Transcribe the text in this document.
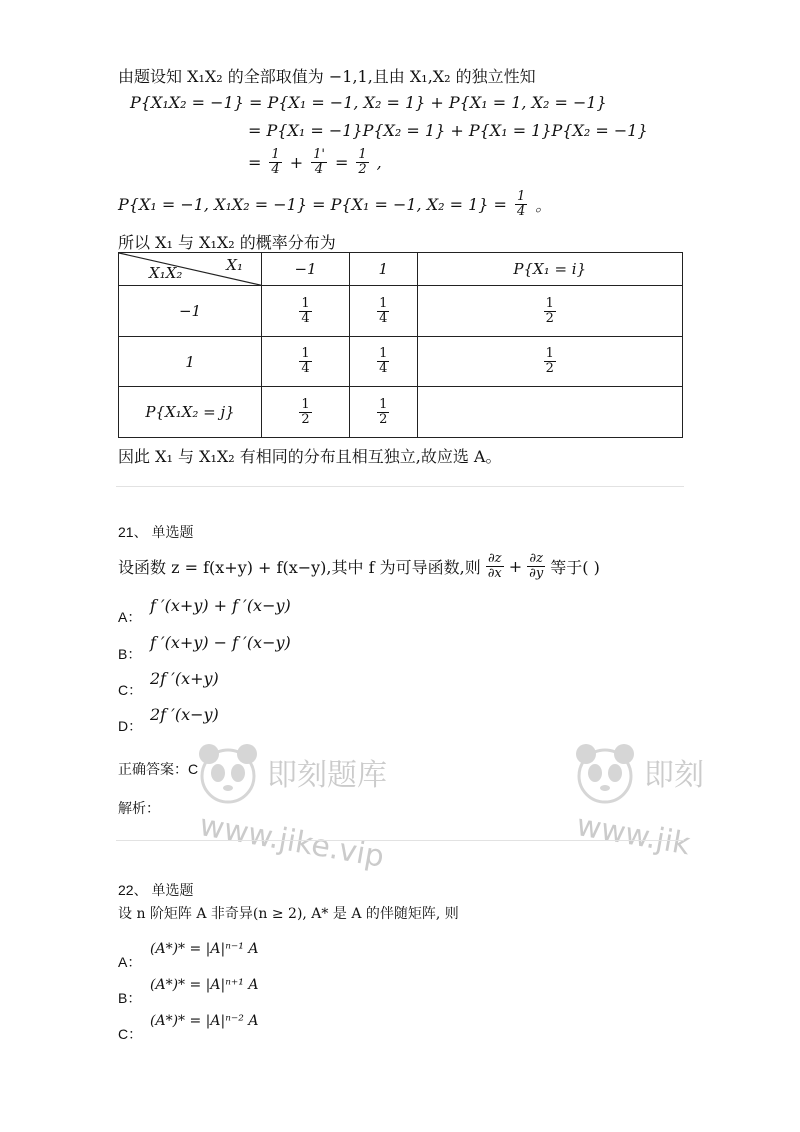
由题设知 X₁X₂ 的全部取值为 −1,1,且由 X₁,X₂ 的独立性知
P{X₁X₂ = −1} = P{X₁ = −1, X₂ = 1} + P{X₁ = 1, X₂ = −1}
= P{X₁ = −1}P{X₂ = 1} + P{X₁ = 1}P{X₂ = −1}
= $\frac{1}{4} + \frac{1'}{4} = \frac{1}{2}$ ,
P{X₁ = −1, X₁X₂ = −1} = P{X₁ = −1, $X_2 = 1\} = \frac{1}{4}$ 。
所以 X₁ 与 X₁X₂ 的概率分布为
X₁
X₁X₂	−1	1	P{X₁ = i}
−1	$\frac{1}{4}$	$\frac{1}{4}$	$\frac{1}{2}$

1	$\frac{1}{4}$	$\frac{1}{4}$	$\frac{1}{2}$

P{X₁X₂ = j}	$\frac{1}{2}$	$\frac{1}{2}$

因此 X₁ 与 X₁X₂ 有相同的分布且相互独立,故应选 A。
21、 单选题
设函数 z = f(x+y) + f(x−y),其中 f 为可导函数,则 $\frac{\partial z}{\partial x} + \frac{\partial z}{\partial y}$ 等于( )
A：
f ′(x+y) + f ′(x−y)
B：
f ′(x+y) − f ′(x−y)
C：
2f ′(x+y)
D：
2f ′(x−y)
正确答案：C
解析：
即刻题库
www.jike.vip
即刻
www.jik
22、 单选题
设 n 阶矩阵 A 非奇异(n ≥ 2), A* 是 A 的伴随矩阵, 则
A：
(A*)* = |A|ⁿ⁻¹ A
B：
(A*)* = |A|ⁿ⁺¹ A
C：
(A*)* = |A|ⁿ⁻² A
